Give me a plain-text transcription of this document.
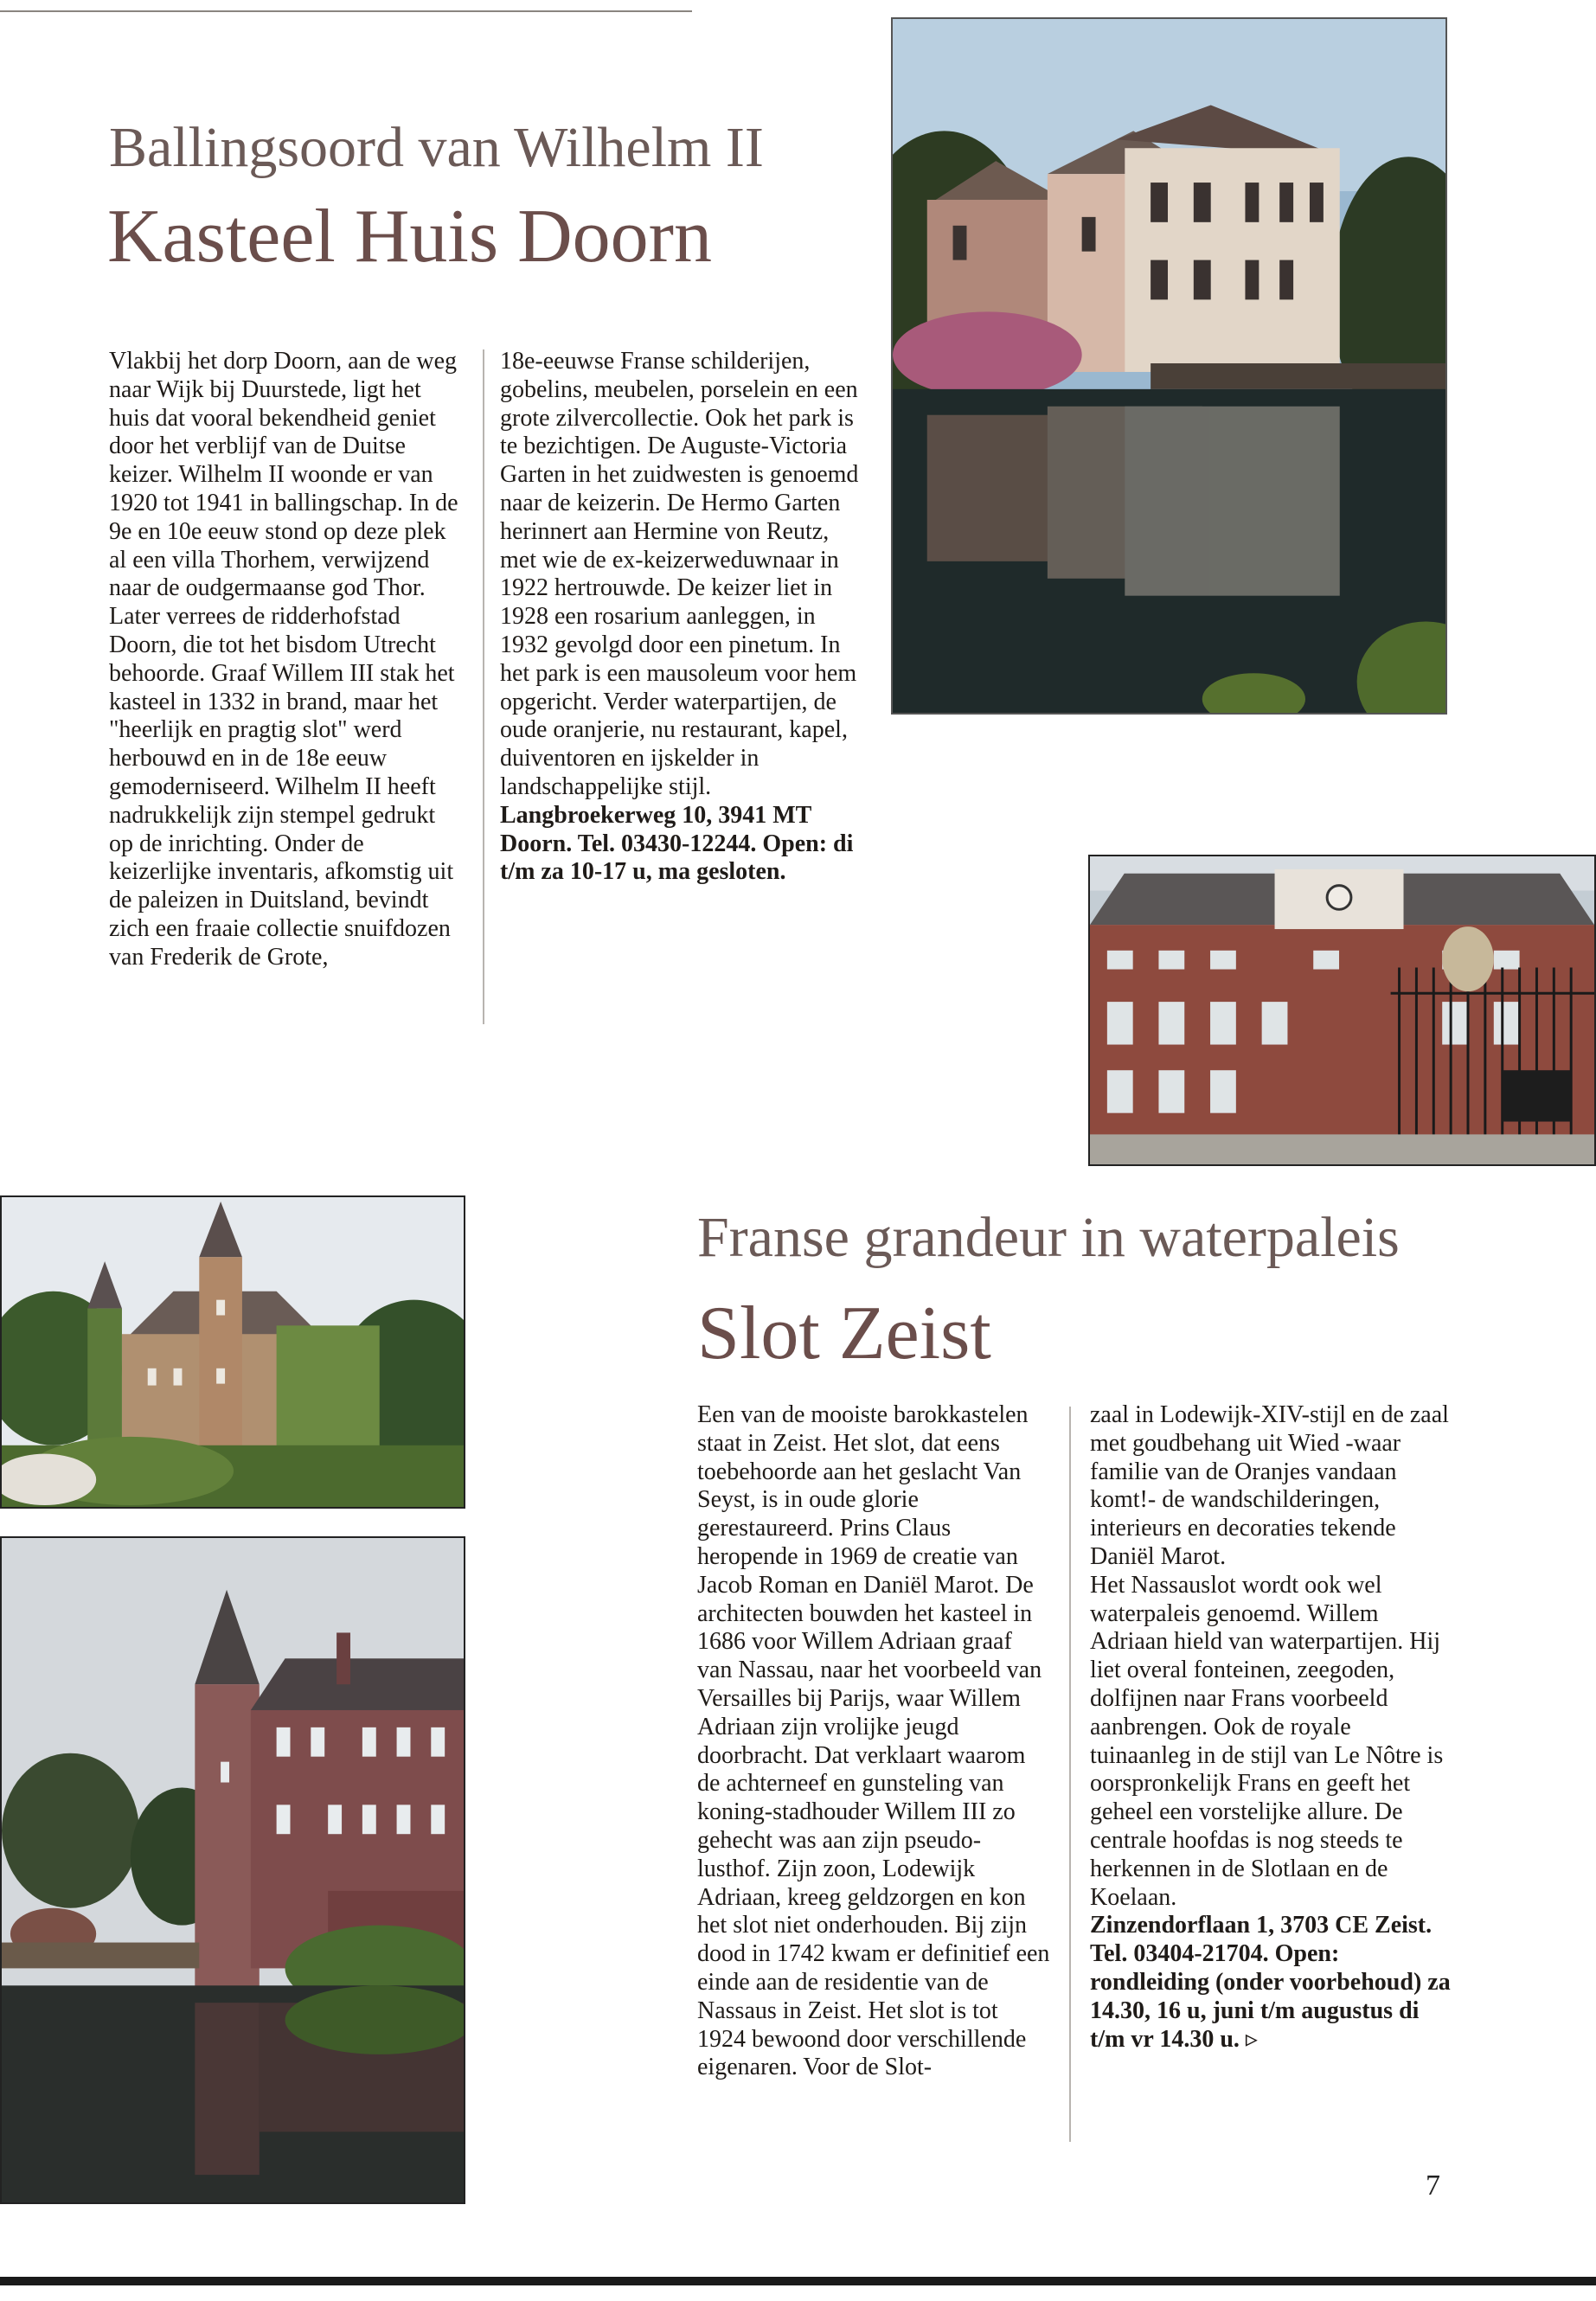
Ballingsoord van Wilhelm II
Kasteel Huis Doorn

Vlakbij het dorp Doorn, aan de weg naar Wijk bij Duurstede, ligt het huis dat vooral bekendheid geniet door het verblijf van de Duitse keizer. Wilhelm II woonde er van 1920 tot 1941 in ballingschap. In de 9e en 10e eeuw stond op deze plek al een villa Thorhem, verwijzend naar de oudgermaanse god Thor. Later verrees de ridderhofstad Doorn, die tot het bisdom Utrecht behoorde. Graaf Willem III stak het kasteel in 1332 in brand, maar het "heerlijk en pragtig slot" werd herbouwd en in de 18e eeuw gemoderniseerd. Wilhelm II heeft nadrukkelijk zijn stempel gedrukt op de inrichting. Onder de keizerlijke inventaris, afkomstig uit de paleizen in Duitsland, bevindt zich een fraaie collectie snuifdozen van Frederik de Grote,

18e-eeuwse Franse schilderijen, gobelins, meubelen, porselein en een grote zilvercollectie. Ook het park is te bezichtigen. De Auguste-Victoria Garten in het zuidwesten is genoemd naar de keizerin. De Hermo Garten herinnert aan Hermine von Reutz, met wie de ex-keizerweduwnaar in 1922 hertrouwde. De keizer liet in 1928 een rosarium aanleggen, in 1932 gevolgd door een pinetum. In het park is een mausoleum voor hem opgericht. Verder waterpartijen, de oude oranjerie, nu restaurant, kapel, duiventoren en ijskelder in landschappelijke stijl.

Langbroekerweg 10, 3941 MT Doorn. Tel. 03430-12244. Open: di t/m za 10-17 u, ma gesloten.

Franse grandeur in waterpaleis
Slot Zeist

Een van de mooiste barokkastelen staat in Zeist. Het slot, dat eens toebehoorde aan het geslacht Van Seyst, is in oude glorie gerestaureerd. Prins Claus heropende in 1969 de creatie van Jacob Roman en Daniël Marot. De architecten bouwden het kasteel in 1686 voor Willem Adriaan graaf van Nassau, naar het voorbeeld van Versailles bij Parijs, waar Willem Adriaan zijn vrolijke jeugd doorbracht. Dat verklaart waarom de achterneef en gunsteling van koning-stadhouder Willem III zo gehecht was aan zijn pseudo-lusthof. Zijn zoon, Lodewijk Adriaan, kreeg geldzorgen en kon het slot niet onderhouden. Bij zijn dood in 1742 kwam er definitief een einde aan de residentie van de Nassaus in Zeist. Het slot is tot 1924 bewoond door verschillende eigenaren. Voor de Slot-

zaal in Lodewijk-XIV-stijl en de zaal met goudbehang uit Wied -waar familie van de Oranjes vandaan komt!- de wandschilderingen, interieurs en decoraties tekende Daniël Marot.

Het Nassauslot wordt ook wel waterpaleis genoemd. Willem Adriaan hield van waterpartijen. Hij liet overal fonteinen, zeegoden, dolfijnen naar Frans voorbeeld aanbrengen. Ook de royale tuinaanleg in de stijl van Le Nôtre is oorspronkelijk Frans en geeft het geheel een vorstelijke allure. De centrale hoofdas is nog steeds te herkennen in de Slotlaan en de Koelaan.

Zinzendorflaan 1, 3703 CE Zeist. Tel. 03404-21704. Open: rondleiding (onder voorbehoud) za 14.30, 16 u, juni t/m augustus di t/m vr 14.30 u. ▹

7
